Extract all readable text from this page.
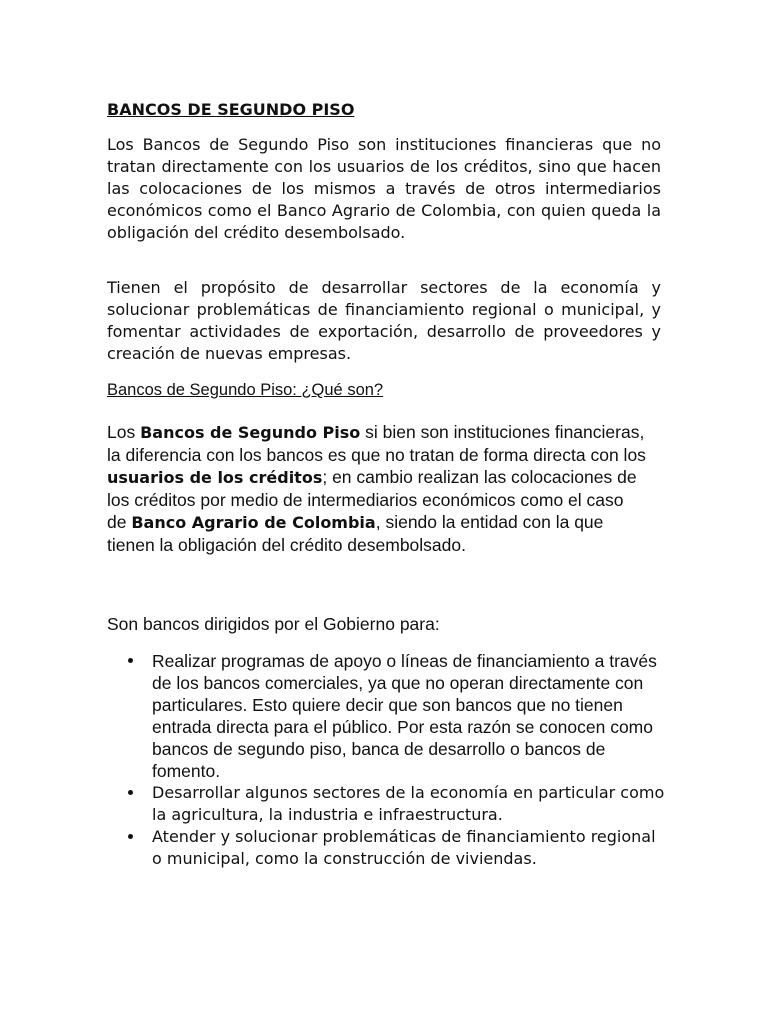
BANCOS DE SEGUNDO PISO

Los Bancos de Segundo Piso son instituciones financieras que no tratan directamente con los usuarios de los créditos, sino que hacen las colocaciones de los mismos a través de otros intermediarios económicos como el Banco Agrario de Colombia, con quien queda la obligación del crédito desembolsado.

Tienen el propósito de desarrollar sectores de la economía y solucionar problemáticas de financiamiento regional o municipal, y fomentar actividades de exportación, desarrollo de proveedores y creación de nuevas empresas.

Bancos de Segundo Piso: ¿Qué son?

Los Bancos de Segundo Piso si bien son instituciones financieras, la diferencia con los bancos es que no tratan de forma directa con los usuarios de los créditos; en cambio realizan las colocaciones de los créditos por medio de intermediarios económicos como el caso de Banco Agrario de Colombia, siendo la entidad con la que tienen la obligación del crédito desembolsado.

Son bancos dirigidos por el Gobierno para:

Realizar programas de apoyo o líneas de financiamiento a través de los bancos comerciales, ya que no operan directamente con particulares. Esto quiere decir que son bancos que no tienen entrada directa para el público. Por esta razón se conocen como bancos de segundo piso, banca de desarrollo o bancos de fomento.
Desarrollar algunos sectores de la economía en particular como la agricultura, la industria e infraestructura.
Atender y solucionar problemáticas de financiamiento regional o municipal, como la construcción de viviendas.
